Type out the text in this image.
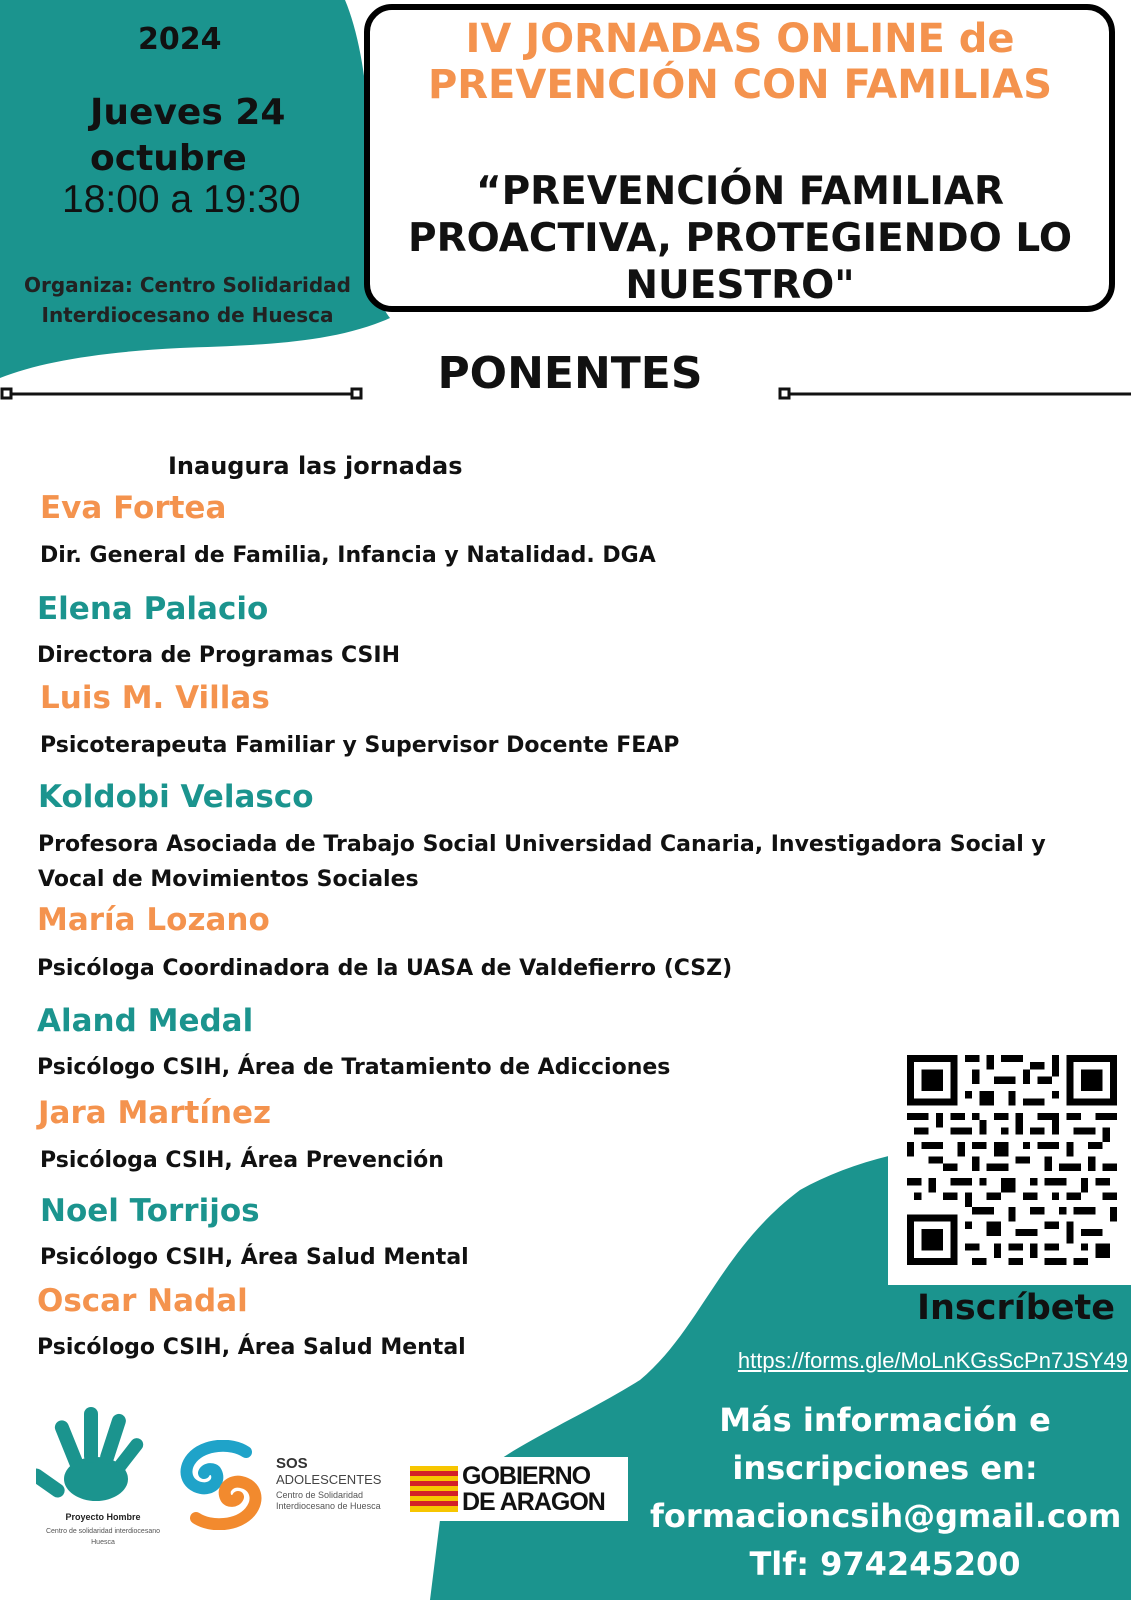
2024
Jueves 24
octubre
18:00 a 19:30
Organiza: Centro Solidaridad
Interdiocesano de Huesca
IV JORNADAS ONLINE de
PREVENCIÓN CON FAMILIAS
“PREVENCIÓN FAMILIAR
PROACTIVA, PROTEGIENDO LO
NUESTRO"
PONENTES
Inaugura las jornadas
Eva Fortea
Dir. General de Familia, Infancia y Natalidad. DGA
Elena Palacio
Directora de Programas CSIH
Luis M. Villas
Psicoterapeuta Familiar y Supervisor Docente FEAP
Koldobi Velasco
Profesora Asociada de Trabajo Social Universidad Canaria, Investigadora Social y
Vocal de Movimientos Sociales
María Lozano
Psicóloga Coordinadora de la UASA de Valdefierro (CSZ)
Aland Medal
Psicólogo CSIH, Área de Tratamiento de Adicciones
Jara Martínez
Psicóloga CSIH, Área Prevención
Noel Torrijos
Psicólogo CSIH, Área Salud Mental
Oscar Nadal
Psicólogo CSIH, Área Salud Mental
Inscríbete
https://forms.gle/MoLnKGsScPn7JSY49
Más información e
inscripciones en:
formacioncsih@gmail.com
Tlf: 974245200
Proyecto Hombre
Centro de solidaridad interdiocesano
Huesca
SOS
ADOLESCENTES
Centro de Solidaridad
Interdiocesano de Huesca
GOBIERNO
DE ARAGON
